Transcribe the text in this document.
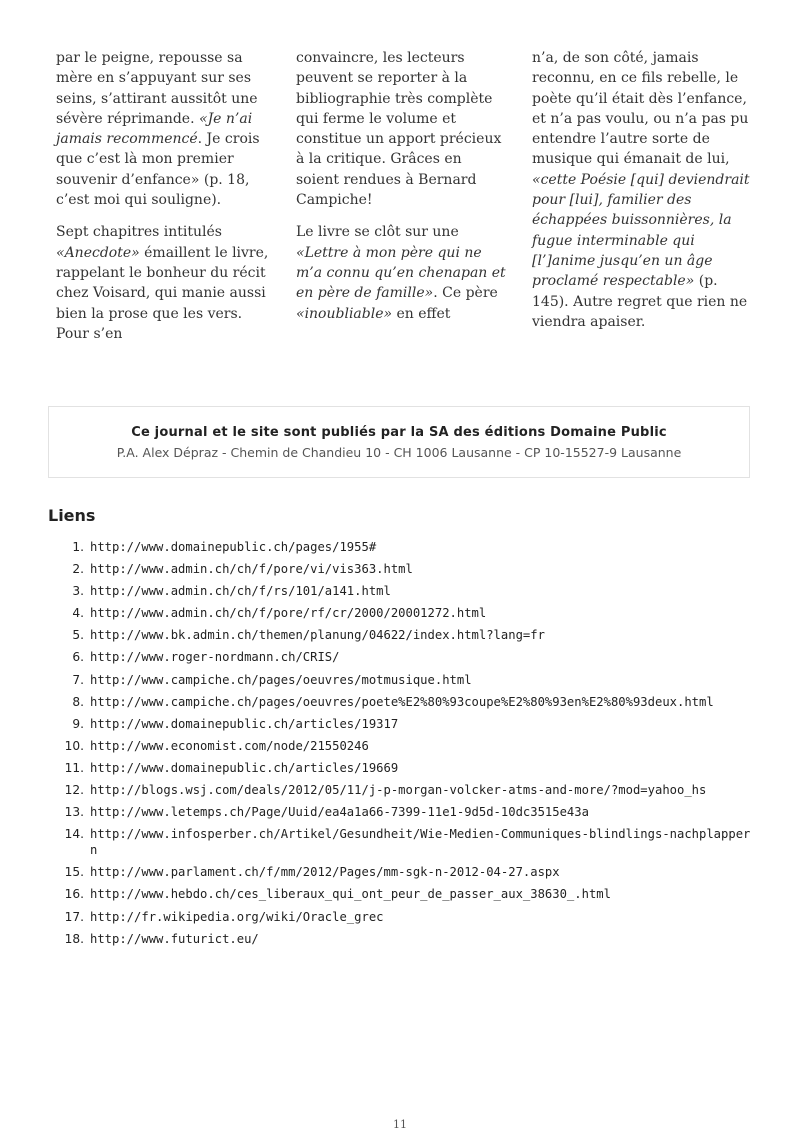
par le peigne, repousse sa mère en s’appuyant sur ses seins, s’attirant aussitôt une sévère réprimande. «Je n’ai jamais recommencé. Je crois que c’est là mon premier souvenir d’enfance» (p. 18, c’est moi qui souligne).

Sept chapitres intitulés «Anecdote» émaillent le livre, rappelant le bonheur du récit chez Voisard, qui manie aussi bien la prose que les vers. Pour s’en

convaincre, les lecteurs peuvent se reporter à la bibliographie très complète qui ferme le volume et constitue un apport précieux à la critique. Grâces en soient rendues à Bernard Campiche!

Le livre se clôt sur une «Lettre à mon père qui ne m’a connu qu’en chenapan et en père de famille». Ce père «inoubliable» en effet

n’a, de son côté, jamais reconnu, en ce fils rebelle, le poète qu’il était dès l’enfance, et n’a pas voulu, ou n’a pas pu entendre l’autre sorte de musique qui émanait de lui, «cette Poésie [qui] deviendrait pour [lui], familier des échappées buissonnières, la fugue interminable qui [l’]anime jusqu’en un âge proclamé respectable» (p. 145). Autre regret que rien ne viendra apaiser.

Ce journal et le site sont publiés par la SA des éditions Domaine Public
P.A. Alex Dépraz - Chemin de Chandieu 10 - CH 1006 Lausanne - CP 10-15527-9 Lausanne
Liens
1. http://www.domainepublic.ch/pages/1955#
2. http://www.admin.ch/ch/f/pore/vi/vis363.html
3. http://www.admin.ch/ch/f/rs/101/a141.html
4. http://www.admin.ch/ch/f/pore/rf/cr/2000/20001272.html
5. http://www.bk.admin.ch/themen/planung/04622/index.html?lang=fr
6. http://www.roger-nordmann.ch/CRIS/
7. http://www.campiche.ch/pages/oeuvres/motmusique.html
8. http://www.campiche.ch/pages/oeuvres/poete%E2%80%93coupe%E2%80%93en%E2%80%93deux.html
9. http://www.domainepublic.ch/articles/19317
10. http://www.economist.com/node/21550246
11. http://www.domainepublic.ch/articles/19669
12. http://blogs.wsj.com/deals/2012/05/11/j-p-morgan-volcker-atms-and-more/?mod=yahoo_hs
13. http://www.letemps.ch/Page/Uuid/ea4a1a66-7399-11e1-9d5d-10dc3515e43a
14. http://www.infosperber.ch/Artikel/Gesundheit/Wie-Medien-Communiques-blindlings-nachplappern
15. http://www.parlament.ch/f/mm/2012/Pages/mm-sgk-n-2012-04-27.aspx
16. http://www.hebdo.ch/ces_liberaux_qui_ont_peur_de_passer_aux_38630_.html
17. http://fr.wikipedia.org/wiki/Oracle_grec
18. http://www.futurict.eu/
11
